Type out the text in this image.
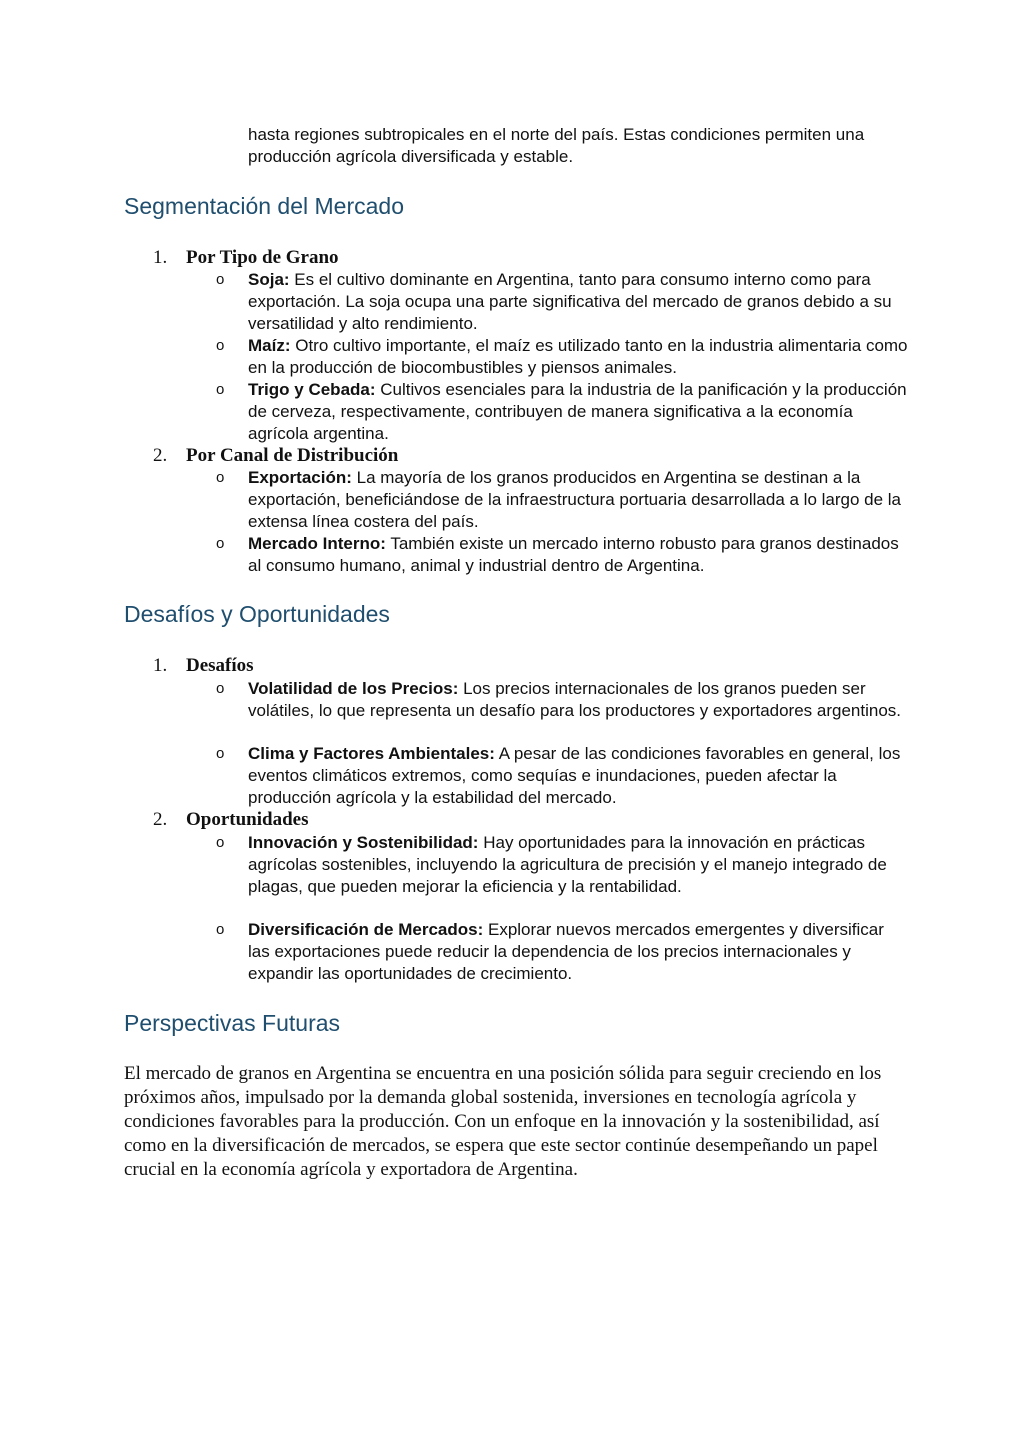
hasta regiones subtropicales en el norte del país. Estas condiciones permiten una producción agrícola diversificada y estable.
Segmentación del Mercado
1. Por Tipo de Grano
o Soja: Es el cultivo dominante en Argentina, tanto para consumo interno como para exportación. La soja ocupa una parte significativa del mercado de granos debido a su versatilidad y alto rendimiento.
o Maíz: Otro cultivo importante, el maíz es utilizado tanto en la industria alimentaria como en la producción de biocombustibles y piensos animales.
o Trigo y Cebada: Cultivos esenciales para la industria de la panificación y la producción de cerveza, respectivamente, contribuyen de manera significativa a la economía agrícola argentina.
2. Por Canal de Distribución
o Exportación: La mayoría de los granos producidos en Argentina se destinan a la exportación, beneficiándose de la infraestructura portuaria desarrollada a lo largo de la extensa línea costera del país.
o Mercado Interno: También existe un mercado interno robusto para granos destinados al consumo humano, animal y industrial dentro de Argentina.
Desafíos y Oportunidades
1. Desafíos
o Volatilidad de los Precios: Los precios internacionales de los granos pueden ser volátiles, lo que representa un desafío para los productores y exportadores argentinos.
o Clima y Factores Ambientales: A pesar de las condiciones favorables en general, los eventos climáticos extremos, como sequías e inundaciones, pueden afectar la producción agrícola y la estabilidad del mercado.
2. Oportunidades
o Innovación y Sostenibilidad: Hay oportunidades para la innovación en prácticas agrícolas sostenibles, incluyendo la agricultura de precisión y el manejo integrado de plagas, que pueden mejorar la eficiencia y la rentabilidad.
o Diversificación de Mercados: Explorar nuevos mercados emergentes y diversificar las exportaciones puede reducir la dependencia de los precios internacionales y expandir las oportunidades de crecimiento.
Perspectivas Futuras

El mercado de granos en Argentina se encuentra en una posición sólida para seguir creciendo en los próximos años, impulsado por la demanda global sostenida, inversiones en tecnología agrícola y condiciones favorables para la producción. Con un enfoque en la innovación y la sostenibilidad, así como en la diversificación de mercados, se espera que este sector continúe desempeñando un papel crucial en la economía agrícola y exportadora de Argentina.
